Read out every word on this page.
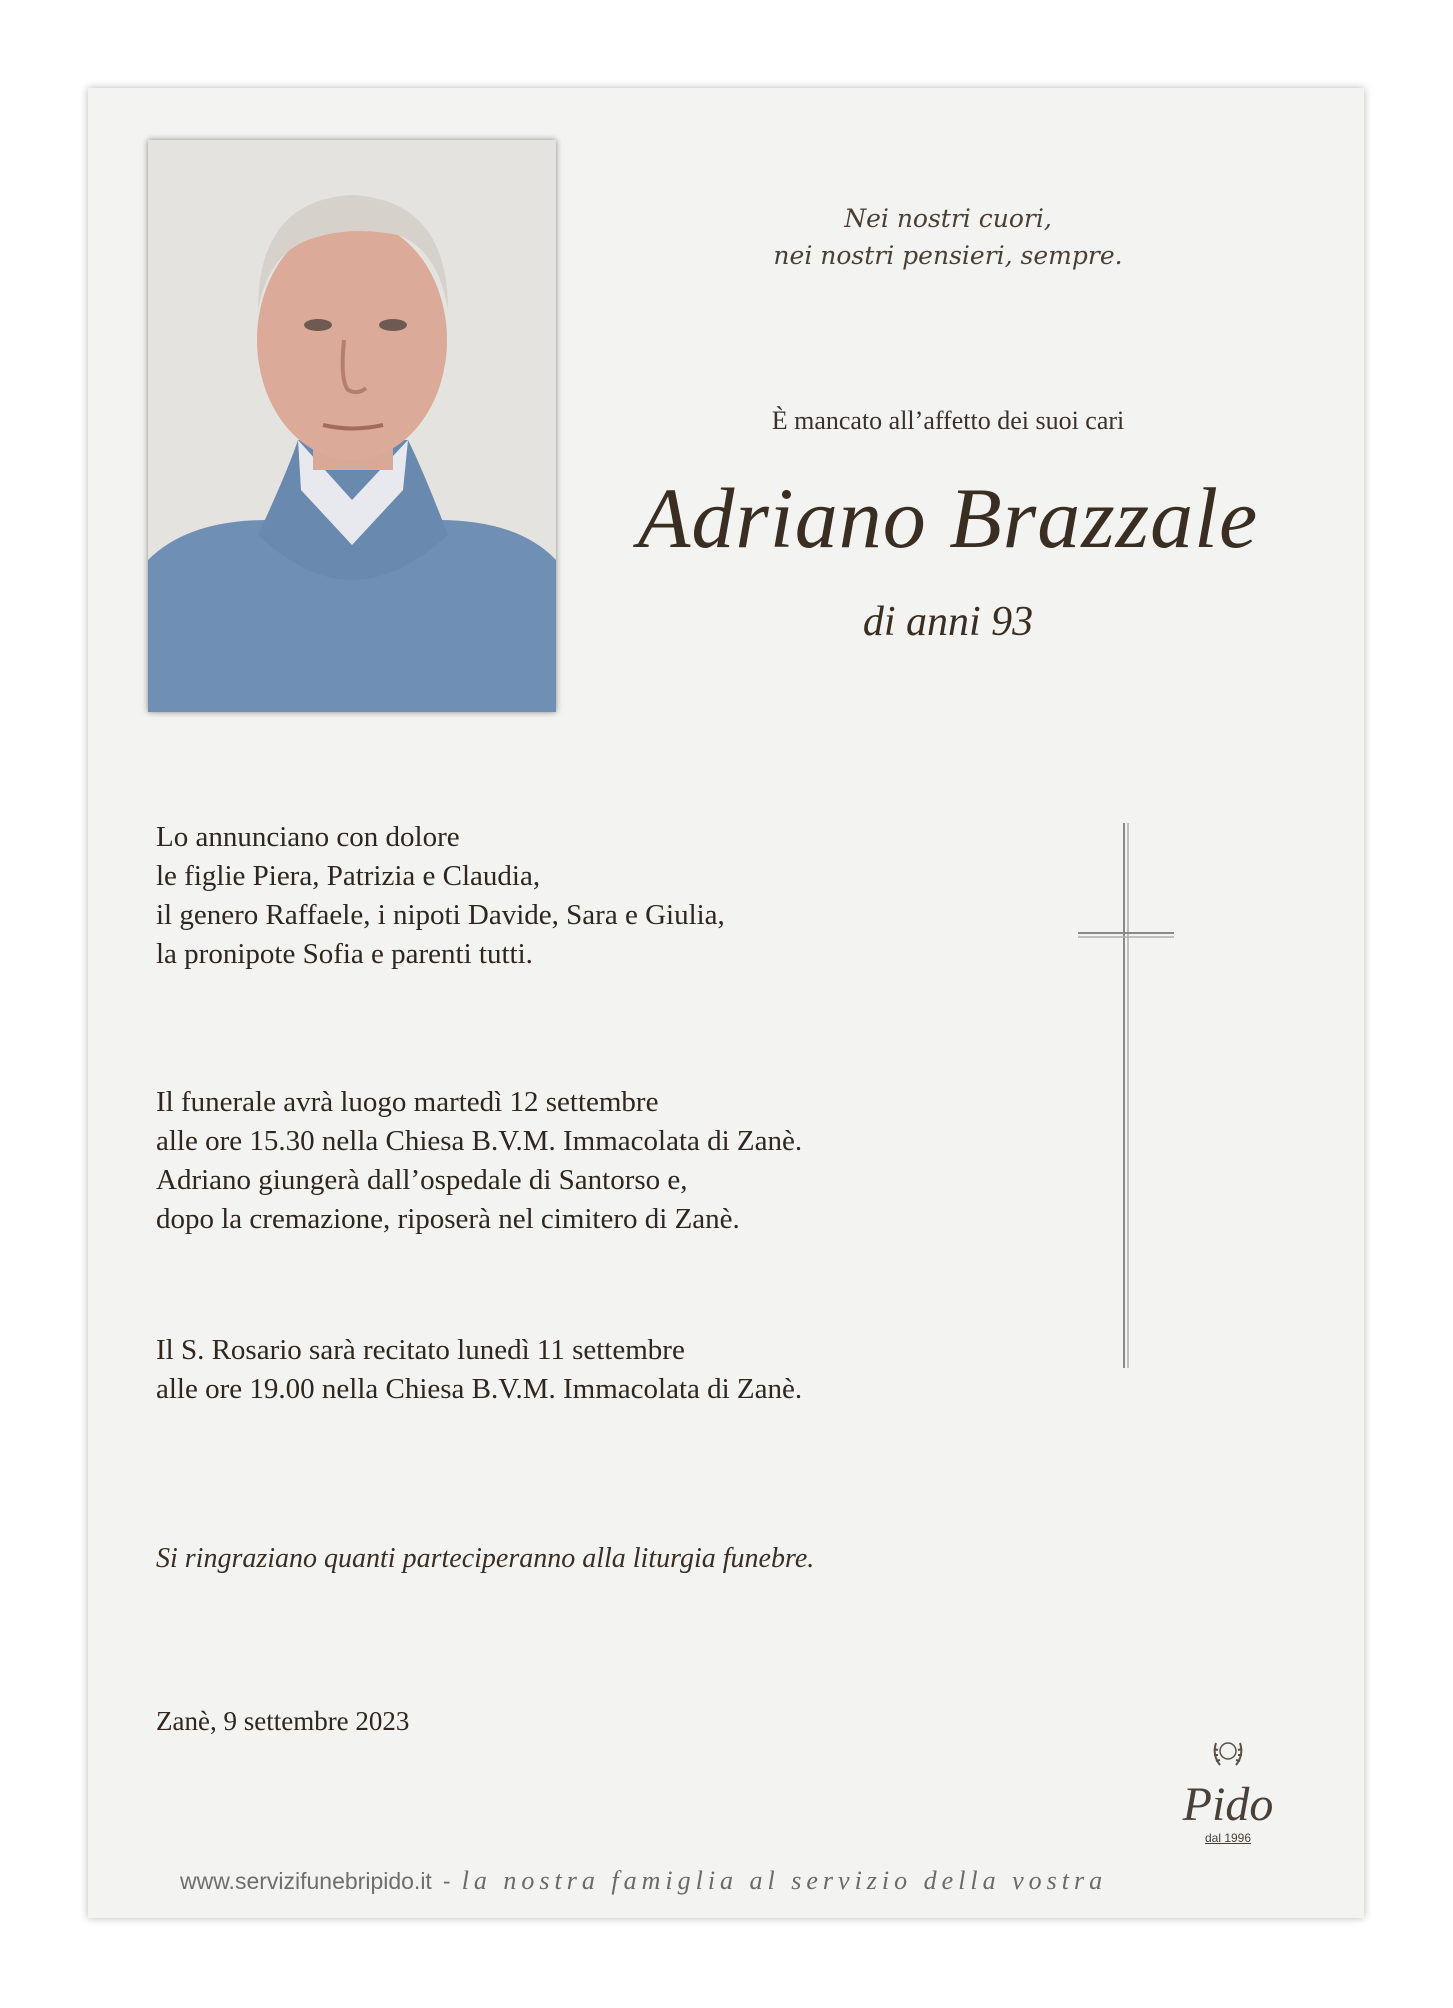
Nei nostri cuori,
nei nostri pensieri, sempre.
È mancato all’affetto dei suoi cari
Adriano Brazzale
di anni 93
Lo annunciano con dolore
le figlie Piera, Patrizia e Claudia,
il genero Raffaele, i nipoti Davide, Sara e Giulia,
la pronipote Sofia e parenti tutti.
Il funerale avrà luogo martedì 12 settembre
alle ore 15.30 nella Chiesa B.V.M. Immacolata di Zanè.
Adriano giungerà dall’ospedale di Santorso e,
dopo la cremazione, riposerà nel cimitero di Zanè.
Il S. Rosario sarà recitato lunedì 11 settembre
alle ore 19.00 nella Chiesa B.V.M. Immacolata di Zanè.
Si ringraziano quanti parteciperanno alla liturgia funebre.
Zanè, 9 settembre 2023
Pido
dal 1996
www.servizifunebripido.it - la nostra famiglia al servizio della vostra
